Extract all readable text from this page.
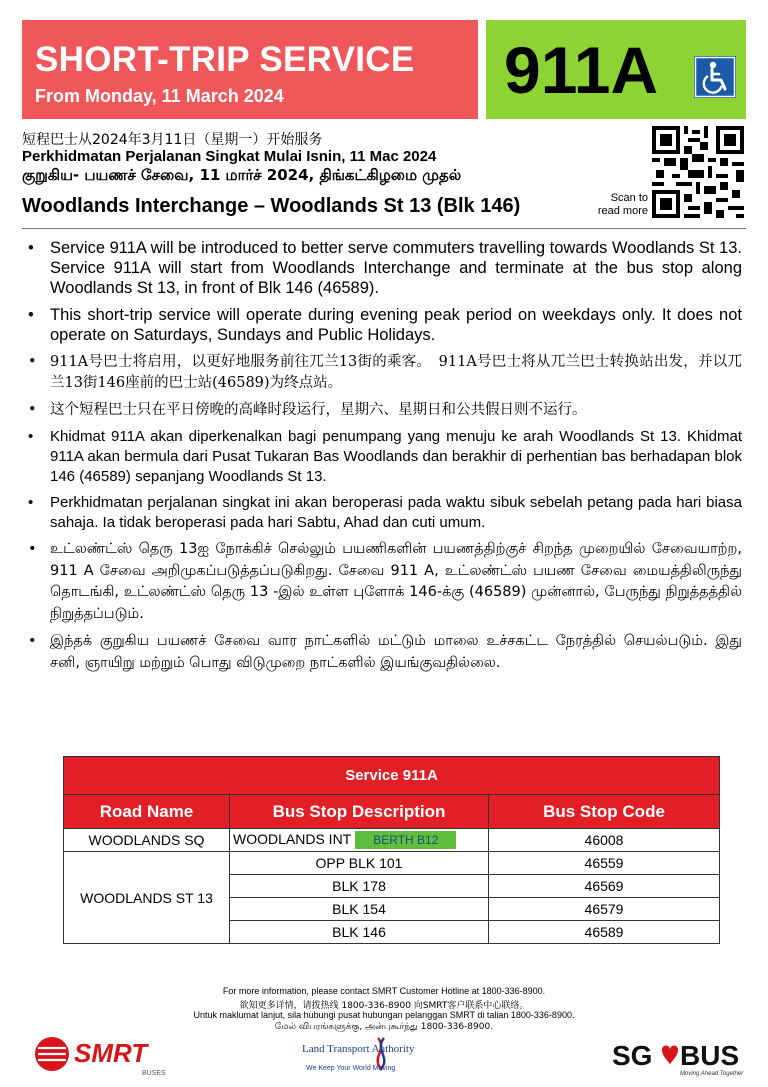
SHORT-TRIP SERVICE
From Monday, 11 March 2024	911A
短程巴士从2024年3月11日（星期一）开始服务
Perkhidmatan Perjalanan Singkat Mulai Isnin, 11 Mac 2024
குறுகிய- பயணச் சேவை, 11 மார்ச் 2024, திங்கட்கிழமை முதல்
Woodlands Interchange – Woodlands St 13 (Blk 146)	Scan to
read more
• Service 911A will be introduced to better serve commuters travelling towards Woodlands St 13. Service 911A will start from Woodlands Interchange and terminate at the bus stop along Woodlands St 13, in front of Blk 146 (46589).
• This short-trip service will operate during evening peak period on weekdays only. It does not operate on Saturdays, Sundays and Public Holidays.
• 911A号巴士将启用，以更好地服务前往兀兰13街的乘客。　911A号巴士将从兀兰巴士转换站出发，并以兀兰13街146座前的巴士站(46589)为终点站。
• 这个短程巴士只在平日傍晚的高峰时段运行，星期六、星期日和公共假日则不运行。
• Khidmat 911A akan diperkenalkan bagi penumpang yang menuju ke arah Woodlands St 13. Khidmat 911A akan bermula dari Pusat Tukaran Bas Woodlands dan berakhir di perhentian bas berhadapan blok 146 (46589) sepanjang Woodlands St 13.
• Perkhidmatan perjalanan singkat ini akan beroperasi pada waktu sibuk sebelah petang pada hari biasa sahaja. Ia tidak beroperasi pada hari Sabtu, Ahad dan cuti umum.
• உட்லண்ட்ஸ் தெரு 13ஐ நோக்கிச் செல்லும் பயணிகளின் பயணத்திற்குச் சிறந்த முறையில் சேவையாற்ற, 911 A சேவை அறிமுகப்படுத்தப்படுகிறது. சேவை 911 A, உட்லண்ட்ஸ் பயண சேவை மையத்திலிருந்து தொடங்கி, உட்லண்ட்ஸ் தெரு 13 -இல் உள்ள புளோக் 146-க்கு (46589) முன்னால், பேருந்து நிறுத்தத்தில் நிறுத்தப்படும்.
• இந்தக் குறுகிய பயணச் சேவை வார நாட்களில் மட்டும் மாலை உச்சகட்ட நேரத்தில் செயல்படும். இது சனி, ஞாயிறு மற்றும் பொது விடுமுறை நாட்களில் இயங்குவதில்லை.
Service 911A		
Road Name	Bus Stop Description	Bus Stop Code
WOODLANDS SQ	WOODLANDS INT BERTH B12	46008
WOODLANDS ST 13	OPP BLK 101	46559
	BLK 178	46569
	BLK 154	46579
	BLK 146	46589
For more information, please contact SMRT Customer Hotline at 1800-336-8900.
欲知更多详情，请拨热线 1800-336-8900 向SMRT客户联系中心联络。
Untuk maklumat lanjut, sila hubungi pusat hubungan pelanggan SMRT di talian 1800-336-8900.
மேல் விபரங்களுக்கு, அன்புகூர்ந்து 1800-336-8900.
SMRT
BUSES
Land Transport Authority
We Keep Your World Moving	SG BUS
Moving Ahead Together
